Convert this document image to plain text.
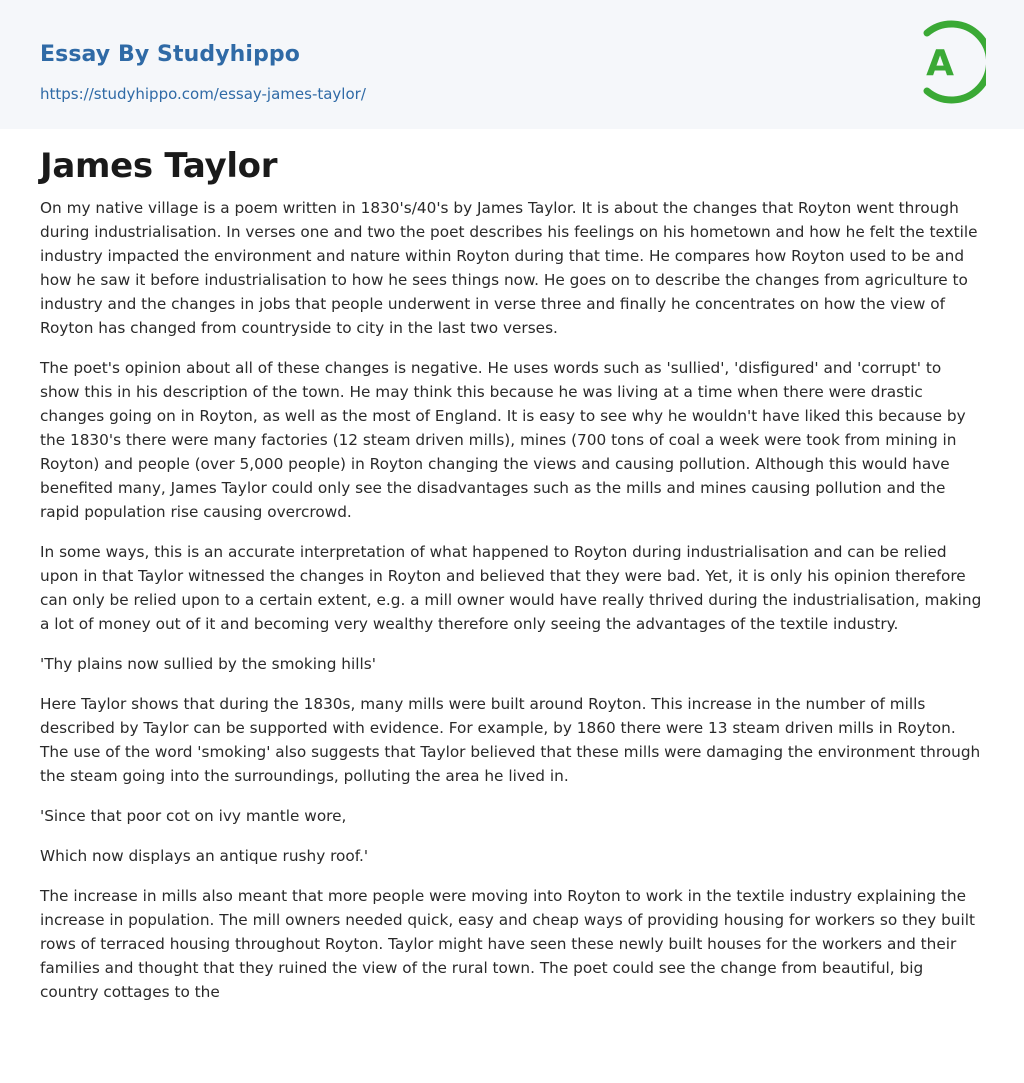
Essay By Studyhippo
https://studyhippo.com/essay-james-taylor/
A
James Taylor

On my native village is a poem written in 1830's/40's by James Taylor. It is about the changes that Royton went through during industrialisation. In verses one and two the poet describes his feelings on his hometown and how he felt the textile industry impacted the environment and nature within Royton during that time. He compares how Royton used to be and how he saw it before industrialisation to how he sees things now. He goes on to describe the changes from agriculture to industry and the changes in jobs that people underwent in verse three and finally he concentrates on how the view of Royton has changed from countryside to city in the last two verses.

The poet's opinion about all of these changes is negative. He uses words such as 'sullied', 'disfigured' and 'corrupt' to show this in his description of the town. He may think this because he was living at a time when there were drastic changes going on in Royton, as well as the most of England. It is easy to see why he wouldn't have liked this because by the 1830's there were many factories (12 steam driven mills), mines (700 tons of coal a week were took from mining in Royton) and people (over 5,000 people) in Royton changing the views and causing pollution. Although this would have benefited many, James Taylor could only see the disadvantages such as the mills and mines causing pollution and the rapid population rise causing overcrowd.

In some ways, this is an accurate interpretation of what happened to Royton during industrialisation and can be relied upon in that Taylor witnessed the changes in Royton and believed that they were bad. Yet, it is only his opinion therefore can only be relied upon to a certain extent, e.g. a mill owner would have really thrived during the industrialisation, making a lot of money out of it and becoming very wealthy therefore only seeing the advantages of the textile industry.

'Thy plains now sullied by the smoking hills'

Here Taylor shows that during the 1830s, many mills were built around Royton. This increase in the number of mills described by Taylor can be supported with evidence. For example, by 1860 there were 13 steam driven mills in Royton. The use of the word 'smoking' also suggests that Taylor believed that these mills were damaging the environment through the steam going into the surroundings, polluting the area he lived in.

'Since that poor cot on ivy mantle wore,

Which now displays an antique rushy roof.'

The increase in mills also meant that more people were moving into Royton to work in the textile industry explaining the increase in population. The mill owners needed quick, easy and cheap ways of providing housing for workers so they built rows of terraced housing throughout Royton. Taylor might have seen these newly built houses for the workers and their families and thought that they ruined the view of the rural town. The poet could see the change from beautiful, big country cottages to the
